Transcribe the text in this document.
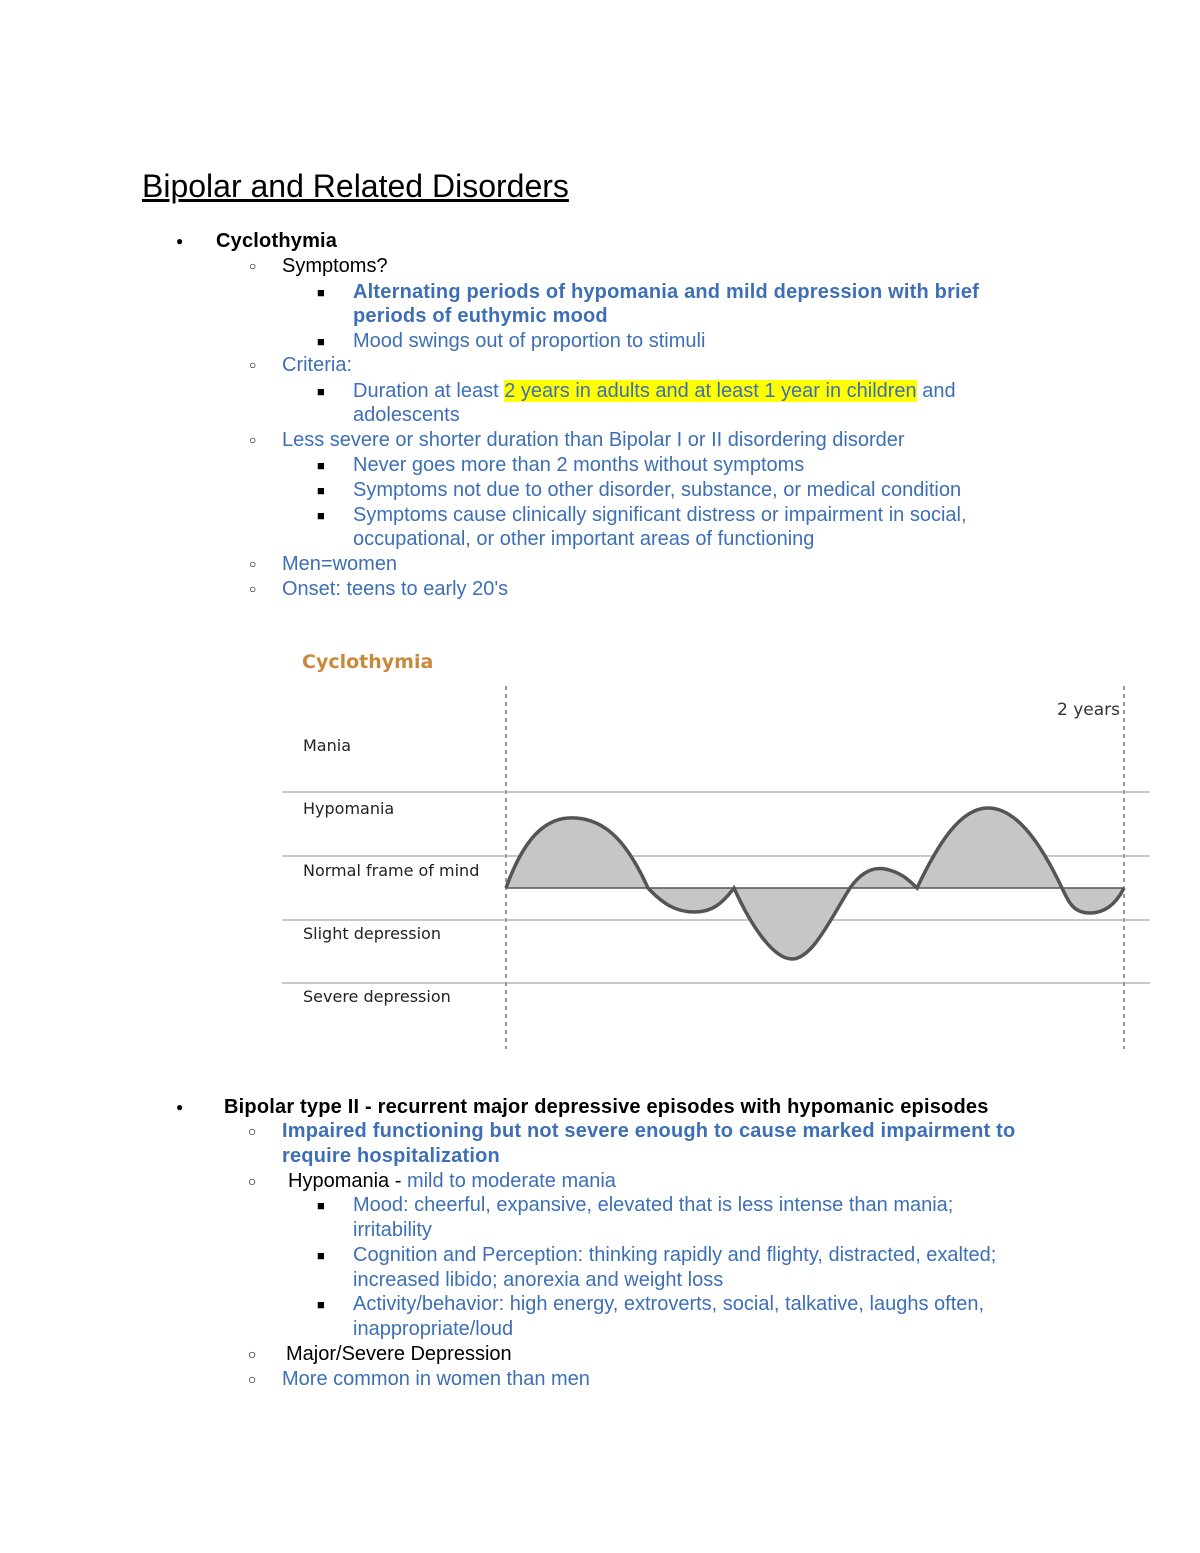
Bipolar and Related Disorders
● Cyclothymia
○ Symptoms?
■ Alternating periods of hypomania and mild depression with brief
periods of euthymic mood
■ Mood swings out of proportion to stimuli
○ Criteria:
■ Duration at least 2 years in adults and at least 1 year in children and
adolescents
○ Less severe or shorter duration than Bipolar I or II disordering disorder
■ Never goes more than 2 months without symptoms
■ Symptoms not due to other disorder, substance, or medical condition
■ Symptoms cause clinically significant distress or impairment in social,
occupational, or other important areas of functioning
○ Men=women
○ Onset: teens to early 20's
Cyclothymia
2 years
Mania
Hypomania
Normal frame of mind
Slight depression
Severe depression
● Bipolar type II - recurrent major depressive episodes with hypomanic episodes
○ Impaired functioning but not severe enough to cause marked impairment to
require hospitalization
○ Hypomania - mild to moderate mania
■ Mood: cheerful, expansive, elevated that is less intense than mania;
irritability
■ Cognition and Perception: thinking rapidly and flighty, distracted, exalted;
increased libido; anorexia and weight loss
■ Activity/behavior: high energy, extroverts, social, talkative, laughs often,
inappropriate/loud
○ Major/Severe Depression
○ More common in women than men
